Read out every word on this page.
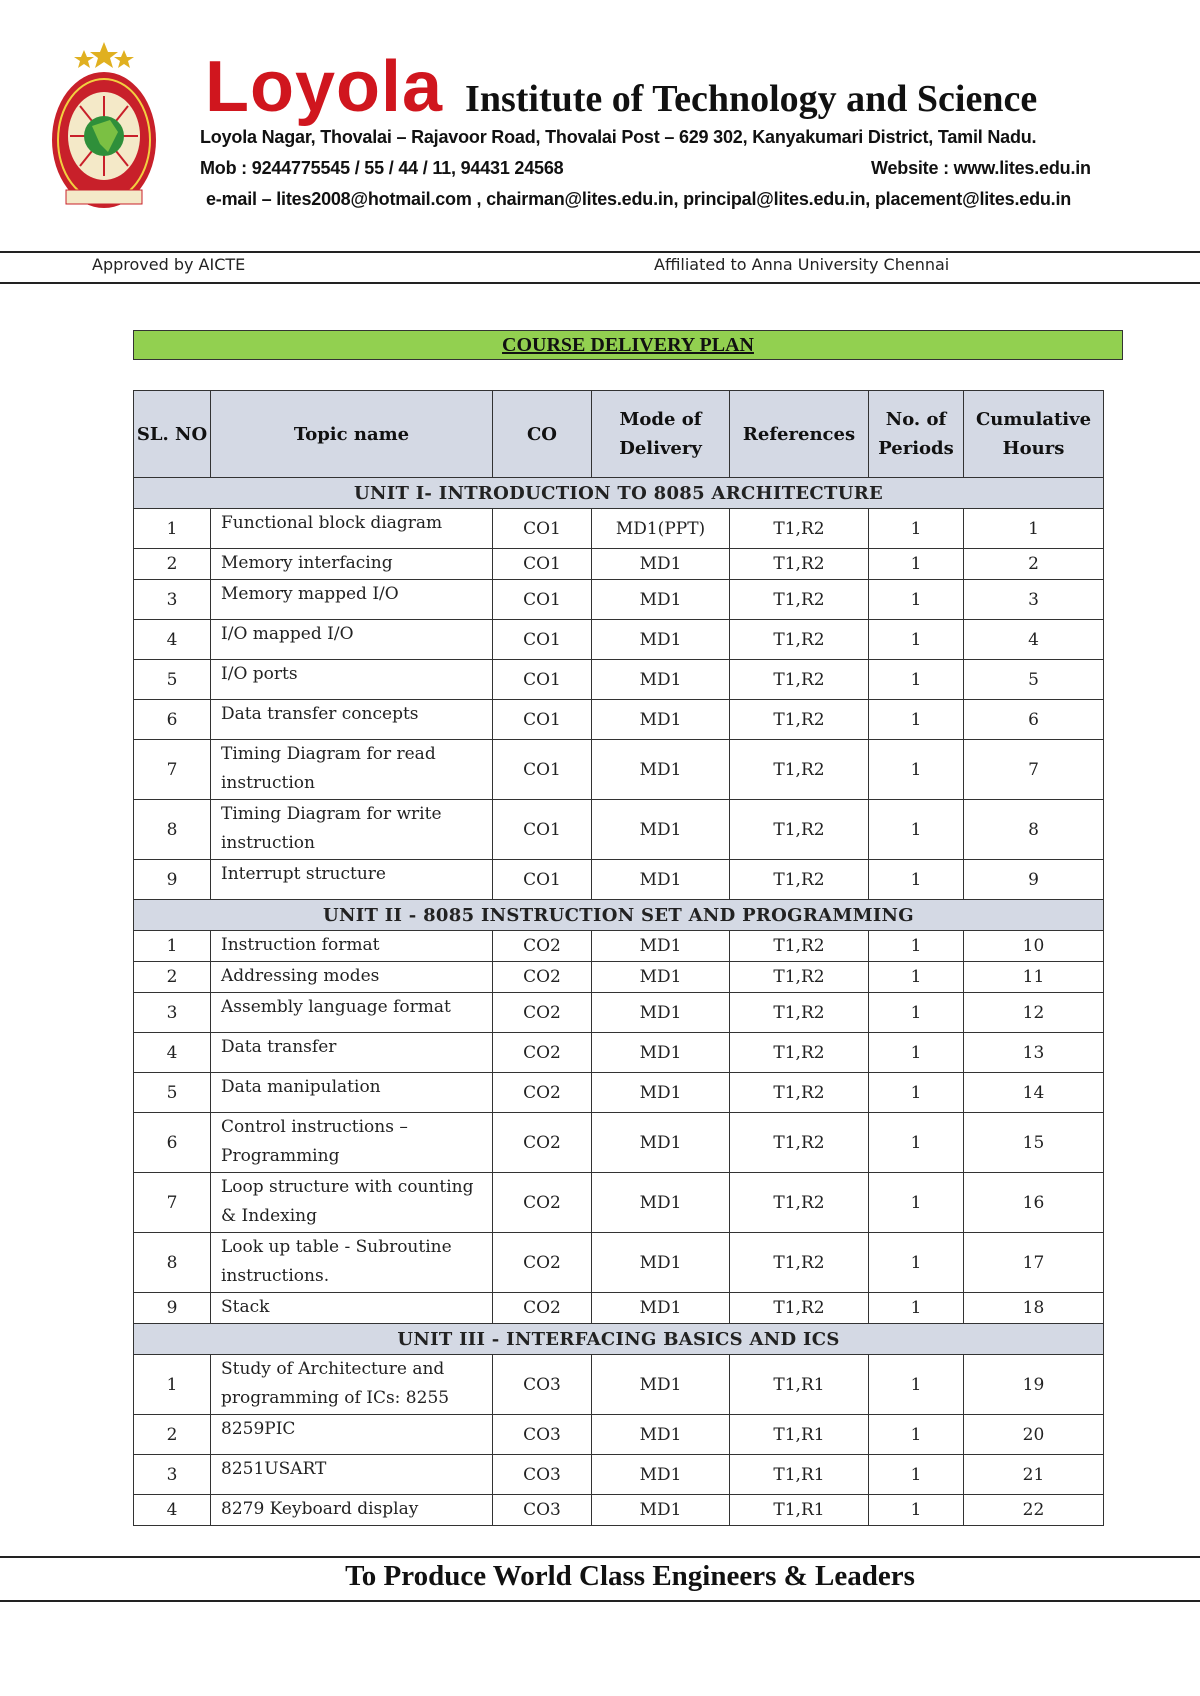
Loyola Institute of Technology and Science
Loyola Nagar, Thovalai – Rajavoor Road, Thovalai Post – 629 302, Kanyakumari District, Tamil Nadu.
Mob : 9244775545 / 55 / 44 / 11, 94431 24568	Website : www.lites.edu.in
e-mail – lites2008@hotmail.com , chairman@lites.edu.in, principal@lites.edu.in, placement@lites.edu.in
Approved by AICTE	Affiliated to Anna University Chennai
COURSE DELIVERY PLAN
SL. NO	Topic name	CO	Mode of Delivery	References	No. of Periods	Cumulative Hours
UNIT I- INTRODUCTION TO 8085 ARCHITECTURE						
1	Functional block diagram	CO1	MD1(PPT)	T1,R2	1	1
2	Memory interfacing	CO1	MD1	T1,R2	1	2
3	Memory mapped I/O	CO1	MD1	T1,R2	1	3
4	I/O mapped I/O	CO1	MD1	T1,R2	1	4
5	I/O ports	CO1	MD1	T1,R2	1	5
6	Data transfer concepts	CO1	MD1	T1,R2	1	6
7	Timing Diagram for read instruction	CO1	MD1	T1,R2	1	7
8	Timing Diagram for write instruction	CO1	MD1	T1,R2	1	8
9	Interrupt structure	CO1	MD1	T1,R2	1	9
UNIT II - 8085 INSTRUCTION SET AND PROGRAMMING						
1	Instruction format	CO2	MD1	T1,R2	1	10
2	Addressing modes	CO2	MD1	T1,R2	1	11
3	Assembly language format	CO2	MD1	T1,R2	1	12
4	Data transfer	CO2	MD1	T1,R2	1	13
5	Data manipulation	CO2	MD1	T1,R2	1	14
6	Control instructions – Programming	CO2	MD1	T1,R2	1	15
7	Loop structure with counting & Indexing	CO2	MD1	T1,R2	1	16
8	Look up table - Subroutine instructions.	CO2	MD1	T1,R2	1	17
9	Stack	CO2	MD1	T1,R2	1	18
UNIT III - INTERFACING BASICS AND ICS						
1	Study of Architecture and programming of ICs: 8255	CO3	MD1	T1,R1	1	19
2	8259PIC	CO3	MD1	T1,R1	1	20
3	8251USART	CO3	MD1	T1,R1	1	21
4	8279 Keyboard display	CO3	MD1	T1,R1	1	22
To Produce World Class Engineers & Leaders
